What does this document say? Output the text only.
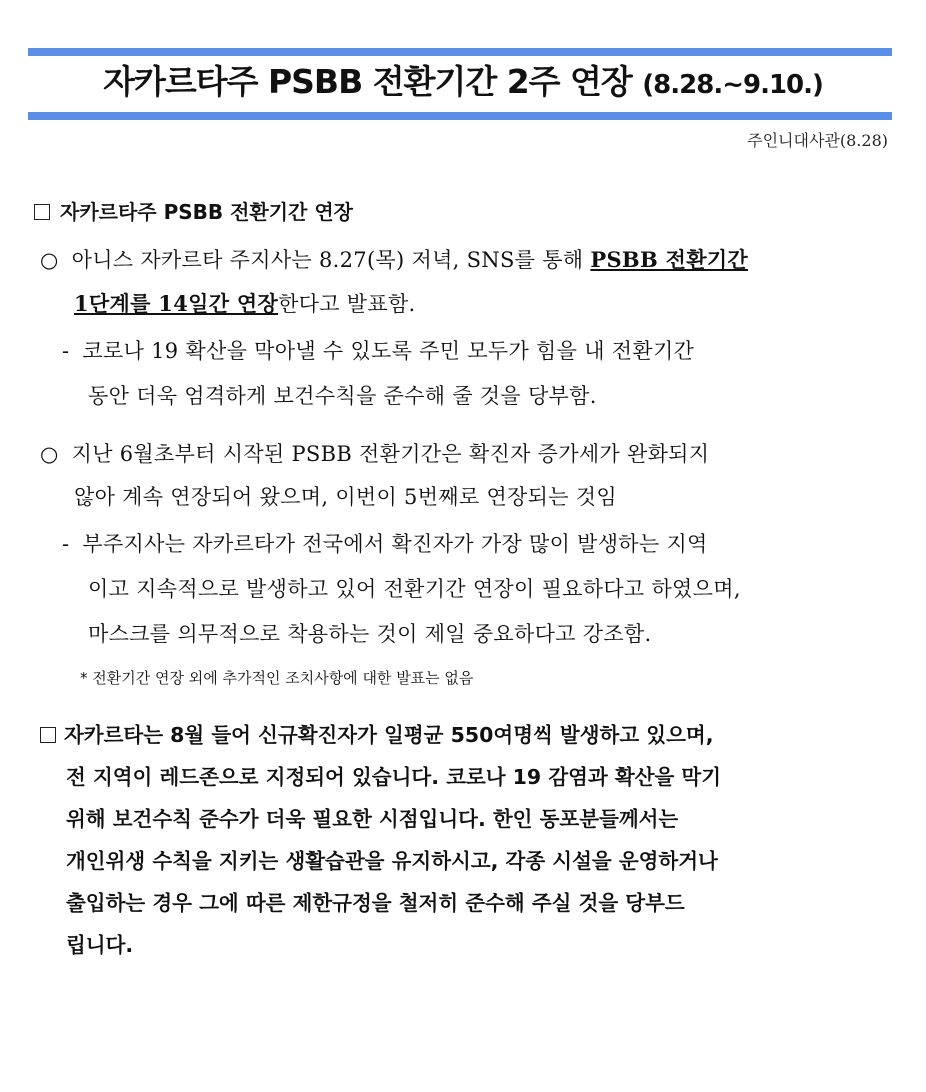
자카르타주 PSBB 전환기간 2주 연장 (8.28.~9.10.)
주인니대사관(8.28)
자카르타주 PSBB 전환기간 연장
○ 아니스 자카르타 주지사는 8.27(목) 저녁, SNS를 통해 PSBB 전환기간
1단계를 14일간 연장한다고 발표함.
- 코로나 19 확산을 막아낼 수 있도록 주민 모두가 힘을 내 전환기간
동안 더욱 엄격하게 보건수칙을 준수해 줄 것을 당부함.
○ 지난 6월초부터 시작된 PSBB 전환기간은 확진자 증가세가 완화되지
않아 계속 연장되어 왔으며, 이번이 5번째로 연장되는 것임
- 부주지사는 자카르타가 전국에서 확진자가 가장 많이 발생하는 지역
이고 지속적으로 발생하고 있어 전환기간 연장이 필요하다고 하였으며,
마스크를 의무적으로 착용하는 것이 제일 중요하다고 강조함.
* 전환기간 연장 외에 추가적인 조치사항에 대한 발표는 없음
자카르타는 8월 들어 신규확진자가 일평균 550여명씩 발생하고 있으며,
전 지역이 레드존으로 지정되어 있습니다. 코로나 19 감염과 확산을 막기
위해 보건수칙 준수가 더욱 필요한 시점입니다. 한인 동포분들께서는
개인위생 수칙을 지키는 생활습관을 유지하시고, 각종 시설을 운영하거나
출입하는 경우 그에 따른 제한규정을 철저히 준수해 주실 것을 당부드
립니다.
